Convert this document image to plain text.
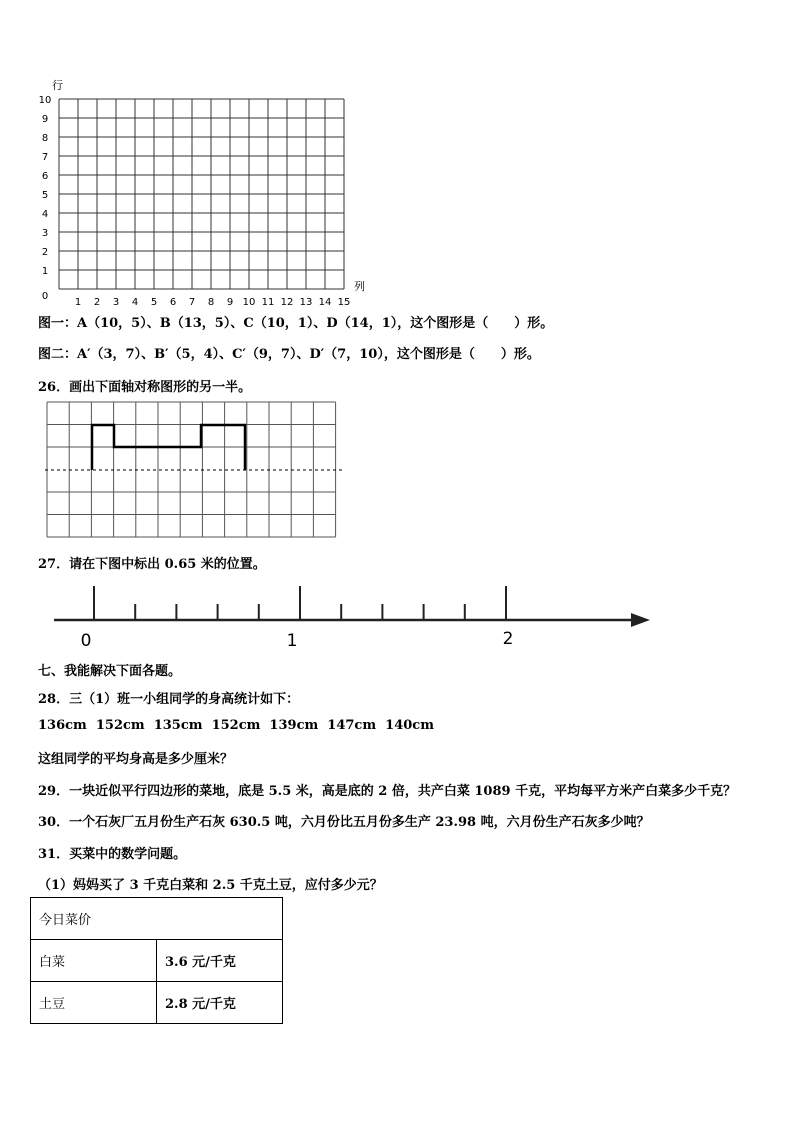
行
0
1
2
3
4
5
6
7
8
9
10
1 2 3 4 5 6 7 8 9 10 11 12 13 14 15
列
图一：A（10，5）、B（13，5）、C（10，1）、D（14，1），这个图形是（　　）形。
图二：A′（3，7）、B′（5，4）、C′（9，7）、D′（7，10），这个图形是（　　）形。
26．画出下面轴对称图形的另一半。
27．请在下图中标出 0.65 米的位置。
0	1	2
七、我能解决下面各题。
28．三（1）班一小组同学的身高统计如下：
136cm  152cm  135cm  152cm  139cm  147cm  140cm
这组同学的平均身高是多少厘米？
29．一块近似平行四边形的菜地，底是 5.5 米，高是底的 2 倍，共产白菜 1089 千克，平均每平方米产白菜多少千克？
30．一个石灰厂五月份生产石灰 630.5 吨，六月份比五月份多生产 23.98 吨，六月份生产石灰多少吨？
31．买菜中的数学问题。
（1）妈妈买了 3 千克白菜和 2.5 千克土豆，应付多少元？
今日菜价	
白菜	3.6 元/千克
土豆	2.8 元/千克
